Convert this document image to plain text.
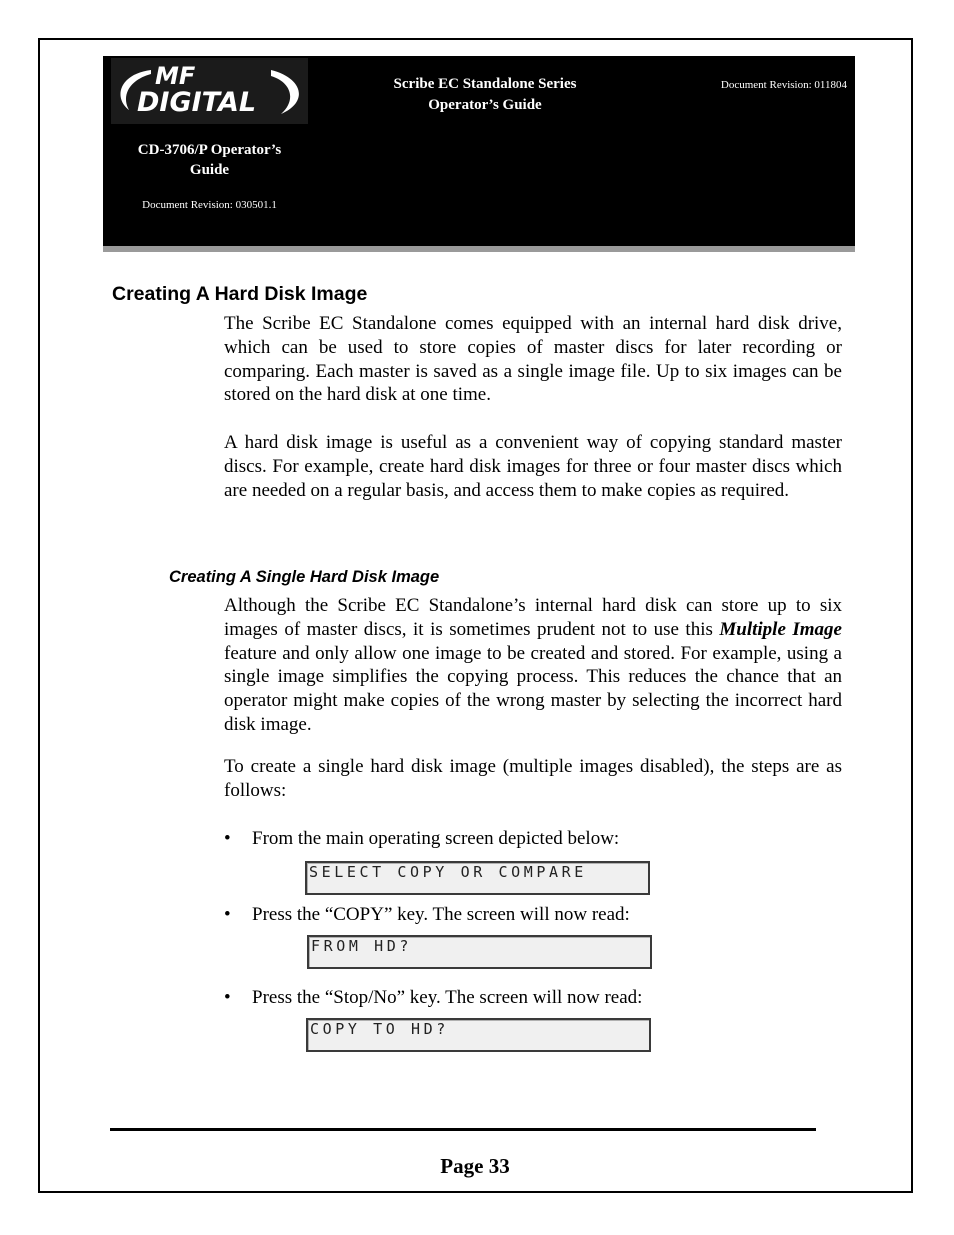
MF
DIGITAL
Scribe EC Standalone Series
Operator’s Guide
Document Revision: 011804
CD-3706/P Operator’s
Guide
Document Revision: 030501.1
Creating A Hard Disk Image

The Scribe EC Standalone comes equipped with an internal hard disk drive, which can be used to store copies of master discs for later recording or comparing. Each master is saved as a single image file. Up to six images can be stored on the hard disk at one time.

A hard disk image is useful as a convenient way of copying standard master discs. For example, create hard disk images for three or four master discs which are needed on a regular basis, and access them to make copies as required.

Creating A Single Hard Disk Image

Although the Scribe EC Standalone’s internal hard disk can store up to six images of master discs, it is sometimes prudent not to use this Multiple Image feature and only allow one image to be created and stored. For example, using a single image simplifies the copying process. This reduces the chance that an operator might make copies of the wrong master by selecting the incorrect hard disk image.

To create a single hard disk image (multiple images disabled), the steps are as follows:

•	From the main operating screen depicted below:
SELECT COPY OR COMPARE
•	Press the “COPY” key. The screen will now read:
FROM HD?
•	Press the “Stop/No” key. The screen will now read:
COPY TO HD?
Page 33
